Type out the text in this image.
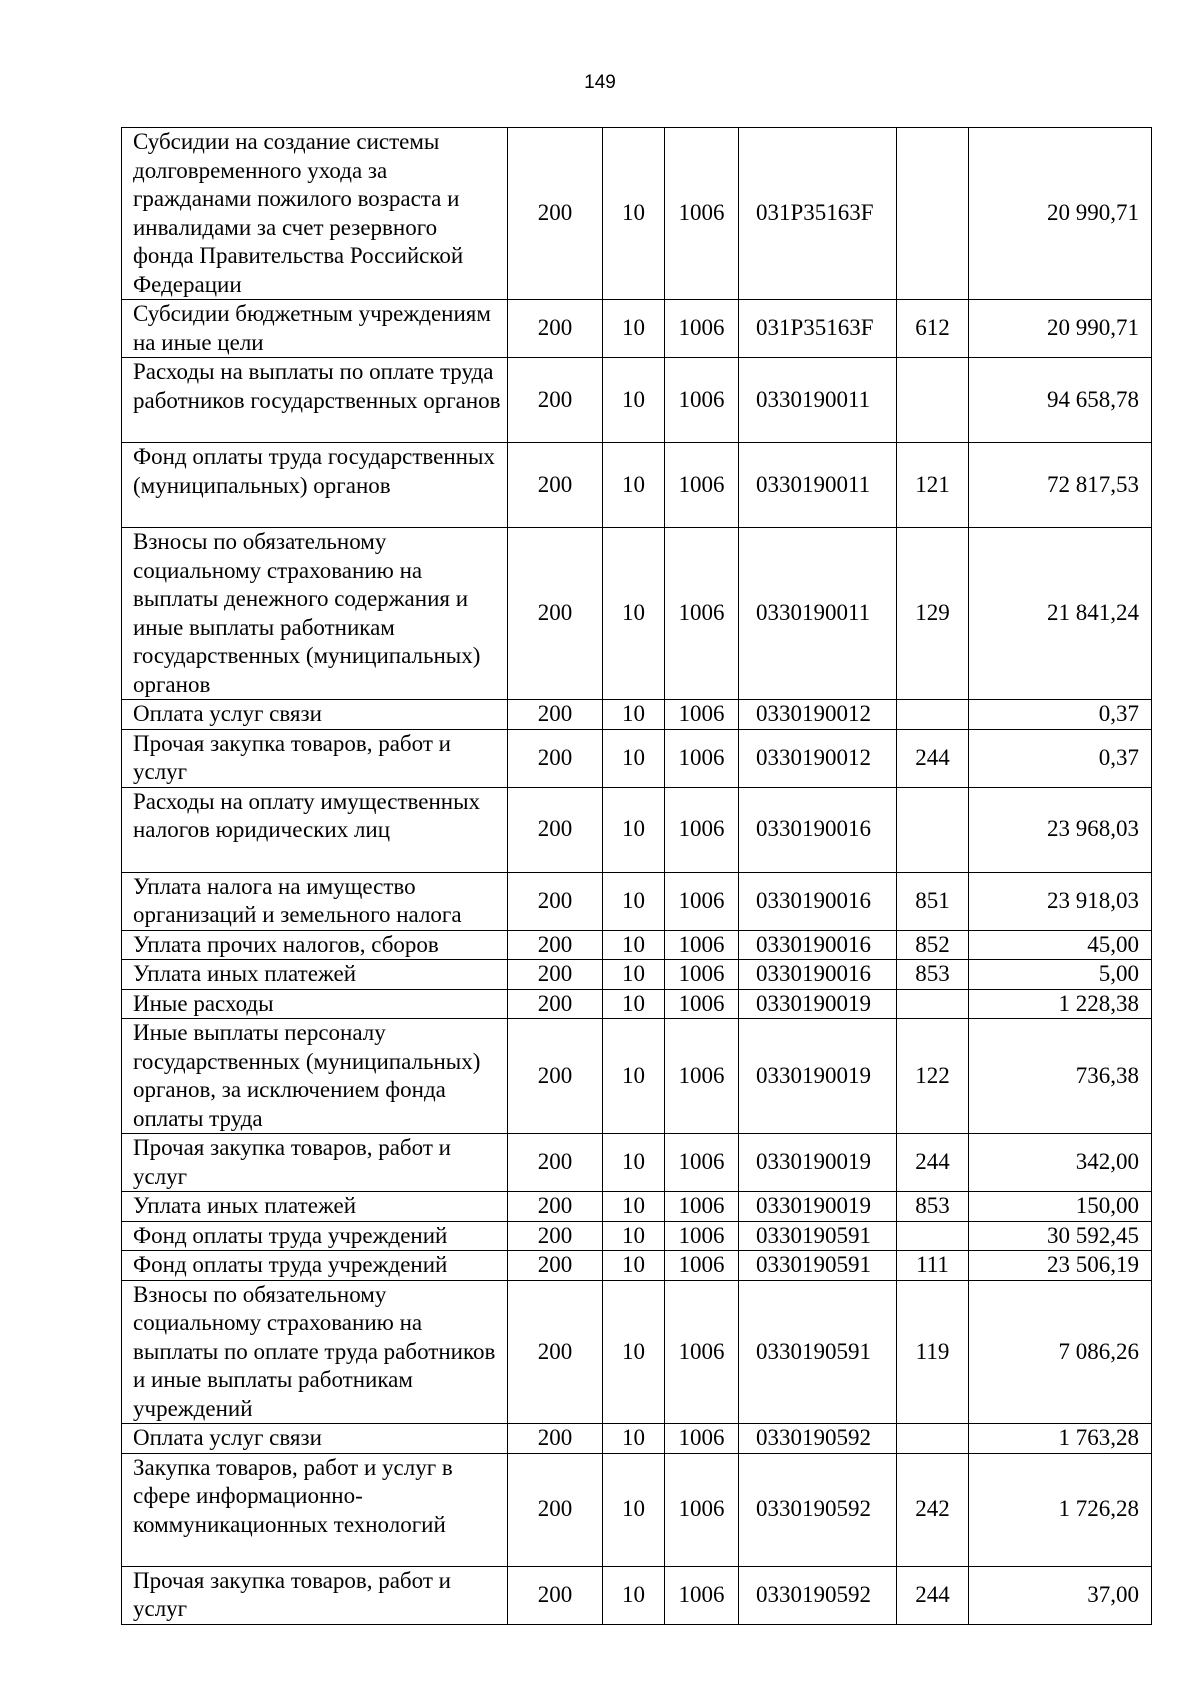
149
Субсидии на создание системы долговременного ухода за гражданами пожилого возраста и инвалидами за счет резервного фонда Правительства Российской Федерации	200	10	1006	031P35163F		20 990,71
Субсидии бюджетным учреждениям на иные цели	200	10	1006	031P35163F	612	20 990,71
Расходы на выплаты по оплате труда работников государственных органов	200	10	1006	0330190011		94 658,78
Фонд оплаты труда государственных (муниципальных) органов	200	10	1006	0330190011	121	72 817,53
Взносы по обязательному социальному страхованию на выплаты денежного содержания и иные выплаты работникам государственных (муниципальных) органов	200	10	1006	0330190011	129	21 841,24
Оплата услуг связи	200	10	1006	0330190012		0,37
Прочая закупка товаров, работ и услуг	200	10	1006	0330190012	244	0,37
Расходы на оплату имущественных налогов юридических лиц	200	10	1006	0330190016		23 968,03
Уплата налога на имущество организаций и земельного налога	200	10	1006	0330190016	851	23 918,03
Уплата прочих налогов, сборов	200	10	1006	0330190016	852	45,00
Уплата иных платежей	200	10	1006	0330190016	853	5,00
Иные расходы	200	10	1006	0330190019		1 228,38
Иные выплаты персоналу государственных (муниципальных) органов, за исключением фонда оплаты труда	200	10	1006	0330190019	122	736,38
Прочая закупка товаров, работ и услуг	200	10	1006	0330190019	244	342,00
Уплата иных платежей	200	10	1006	0330190019	853	150,00
Фонд оплаты труда учреждений	200	10	1006	0330190591		30 592,45
Фонд оплаты труда учреждений	200	10	1006	0330190591	111	23 506,19
Взносы по обязательному социальному страхованию на выплаты по оплате труда работников и иные выплаты работникам учреждений	200	10	1006	0330190591	119	7 086,26
Оплата услуг связи	200	10	1006	0330190592		1 763,28
Закупка товаров, работ и услуг в сфере информационно-коммуникационных технологий	200	10	1006	0330190592	242	1 726,28
Прочая закупка товаров, работ и услуг	200	10	1006	0330190592	244	37,00
